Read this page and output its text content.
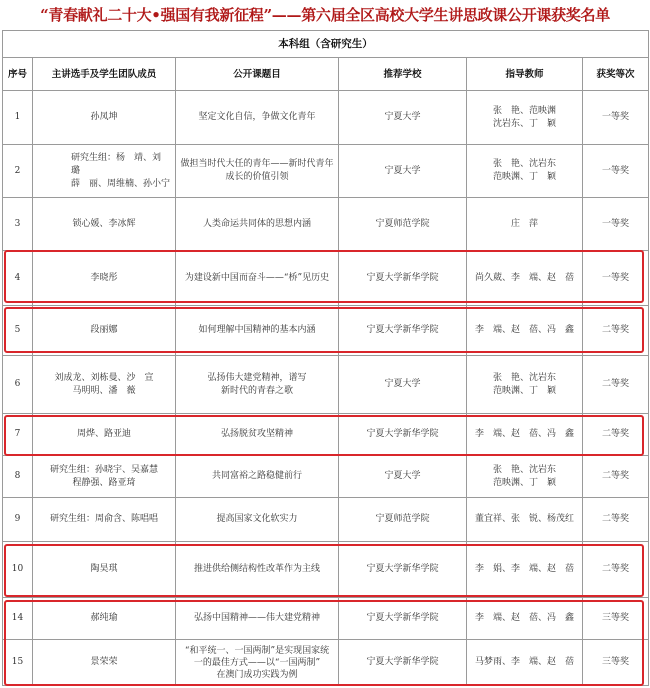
“青春献礼二十大•强国有我新征程”——第六届全区高校大学生讲思政课公开课获奖名单
本科组（含研究生）					
序号	主讲选手及学生团队成员	公开课题目	推荐学校	指导教师	获奖等次
1	孙凤坤	坚定文化自信，争做文化青年	宁夏大学	张　艳、范映渊
沈岩东、丁　颖	一等奖
2	研究生组：杨　靖、刘　璐
薛　丽、周维楠、孙小宁	做担当时代大任的青年——新时代青年
成长的价值引领	宁夏大学	张　艳、沈岩东
范映渊、丁　颖	一等奖
3	锁心媛、李冰辉	人类命运共同体的思想内涵	宁夏师范学院	庄　萍	一等奖
4	李晓彤	为建设新中国而奋斗——“桥”见历史	宁夏大学新华学院	尚久葳、李　端、赵　蓓	一等奖
5	段丽娜	如何理解中国精神的基本内涵	宁夏大学新华学院	李　端、赵　蓓、冯　鑫	二等奖
6	刘成龙、刘栋曼、沙　宣
马明明、潘　薇	弘扬伟大建党精神，谱写
新时代的青春之歌	宁夏大学	张　艳、沈岩东
范映渊、丁　颖	二等奖
7	周烨、路亚迪	弘扬脱贫攻坚精神	宁夏大学新华学院	李　端、赵　蓓、冯　鑫	二等奖
8	研究生组：孙晓宇、吴嘉慧
程静强、路亚琦	共同富裕之路稳健前行	宁夏大学	张　艳、沈岩东
范映渊、丁　颖	二等奖
9	研究生组：周俞含、陈唱唱	提高国家文化软实力	宁夏师范学院	董宜祥、张　锐、杨茂红	二等奖
10	陶昊琪	推进供给侧结构性改革作为主线	宁夏大学新华学院	李　娟、李　端、赵　蓓	二等奖
14	郝纯瑜	弘扬中国精神——伟大建党精神	宁夏大学新华学院	李　端、赵　蓓、冯　鑫	三等奖
15	景荣荣	“和平统一、一国两制”是实现国家统
一的最佳方式——以“一国两制”
在澳门成功实践为例	宁夏大学新华学院	马梦雨、李　端、赵　蓓	三等奖
